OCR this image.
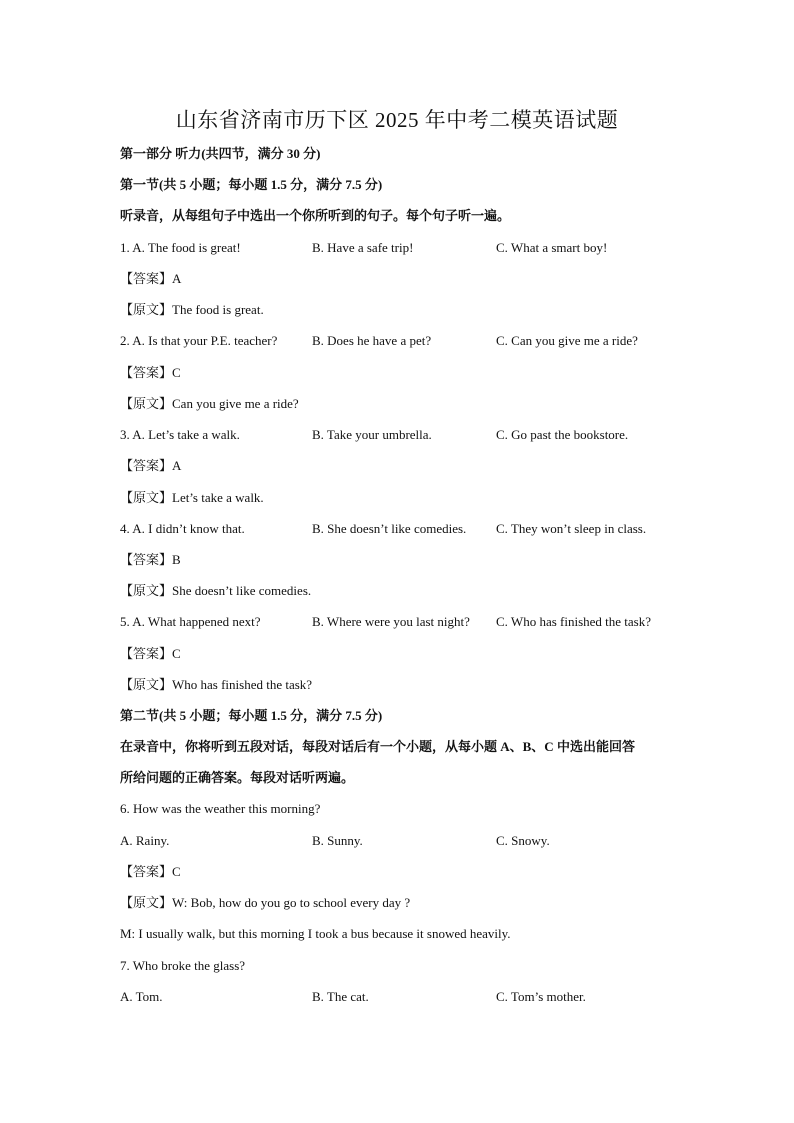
山东省济南市历下区 2025 年中考二模英语试题
第一部分 听力(共四节，满分 30 分)
第一节(共 5 小题；每小题 1.5 分，满分 7.5 分)
听录音，从每组句子中选出一个你所听到的句子。每个句子听一遍。
1. A. The food is great!	B. Have a safe trip!	C. What a smart boy!
【答案】A
【原文】The food is great.
2. A. Is that your P.E. teacher?	B. Does he have a pet?	C. Can you give me a ride?
【答案】C
【原文】Can you give me a ride?
3. A. Let’s take a walk.	B. Take your umbrella.	C. Go past the bookstore.
【答案】A
【原文】Let’s take a walk.
4. A. I didn’t know that.	B. She doesn’t like comedies. C. They won’t sleep in class.
【答案】B
【原文】She doesn’t like comedies.
5. A. What happened next?	B. Where were you last night? C. Who has finished the task?
【答案】C
【原文】Who has finished the task?
第二节(共 5 小题；每小题 1.5 分，满分 7.5 分)
在录音中，你将听到五段对话，每段对话后有一个小题，从每小题 A、B、C 中选出能回答
所给问题的正确答案。每段对话听两遍。
6. How was the weather this morning?
A. Rainy.	B. Sunny.	C. Snowy.
【答案】C
【原文】W: Bob, how do you go to school every day ?
M: I usually walk, but this morning I took a bus because it snowed heavily.
7. Who broke the glass?
A. Tom.	B. The cat.	C. Tom’s mother.
